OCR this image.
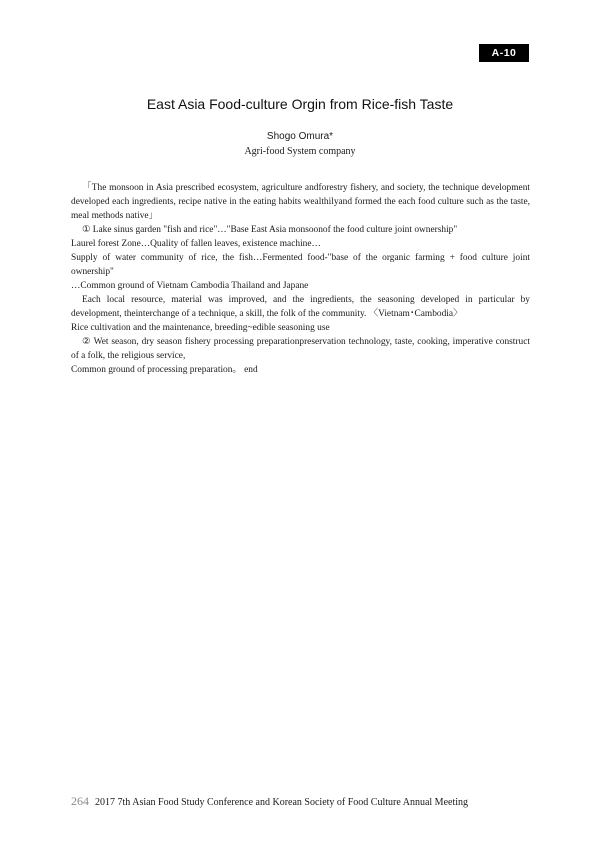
A-10
East Asia Food-culture Orgin from Rice-fish Taste
Shogo Omura*
Agri-food System company

「The monsoon in Asia prescribed ecosystem, agriculture andforestry fishery, and society, the technique development developed each ingredients, recipe native in the eating habits wealthilyand formed the each food culture such as the taste, meal methods native」

① Lake sinus garden "fish and rice"…"Base East Asia monsoonof the food culture joint ownership"

Laurel forest Zone…Quality of fallen leaves, existence machine…

Supply of water community of rice, the fish…Fermented food-"base of the organic farming + food culture joint ownership"

…Common ground of Vietnam Cambodia Thailand and Japane

Each local resource, material was improved, and the ingredients, the seasoning developed in particular by development, theinterchange of a technique, a skill, the folk of the community. 〈Vietnam･Cambodia〉

Rice cultivation and the maintenance, breeding~edible seasoning use

② Wet season, dry season fishery processing preparationpreservation technology, taste, cooking, imperative construct of a folk, the religious service,

Common ground of processing preparation。 end

264 2017 7th Asian Food Study Conference and Korean Society of Food Culture Annual Meeting
